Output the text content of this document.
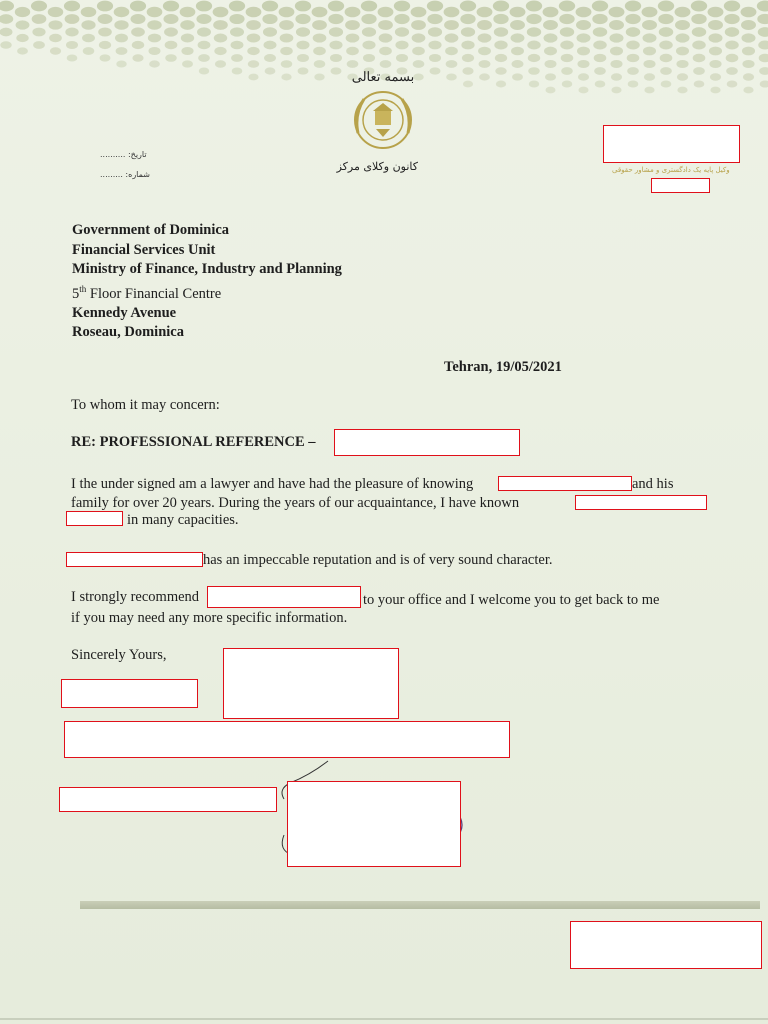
بسمه تعالی
کانون وکلای مرکز
تاریخ: ..........
شماره: .........	وکیل پایه یک دادگستری و مشاور حقوقی
Government of Dominica
Financial Services Unit
Ministry of Finance, Industry and Planning
5th Floor Financial Centre
Kennedy Avenue
Roseau, Dominica
Tehran, 19/05/2021
To whom it may concern:
RE: PROFESSIONAL REFERENCE –
I the under signed am a lawyer and have had the pleasure of knowing	and his
family for over 20 years. During the years of our acquaintance, I have known
in many capacities.
has an impeccable reputation and is of very sound character.
I strongly recommend	to your office and I welcome you to get back to me
if you may need any more specific information.
Sincerely Yours,
